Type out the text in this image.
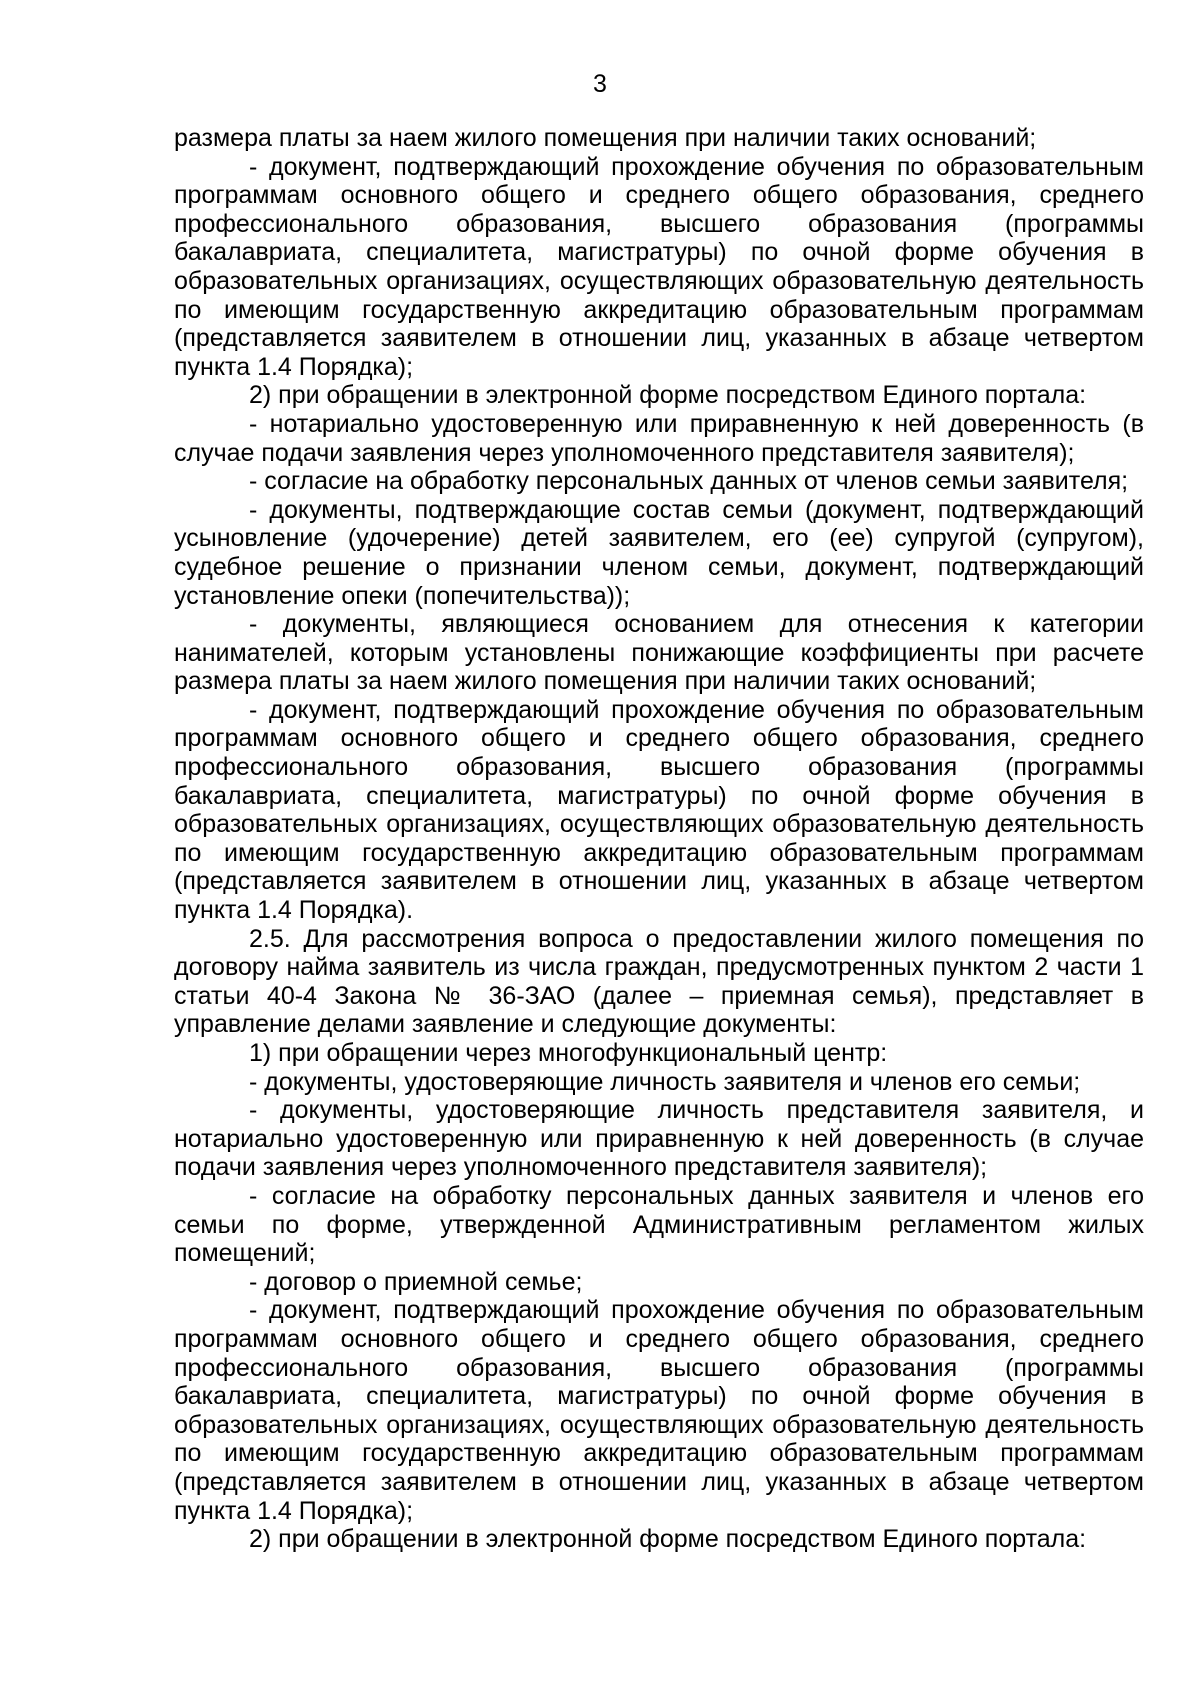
3

размера платы за наем жилого помещения при наличии таких оснований;

- документ, подтверждающий прохождение обучения по образовательным программам основного общего и среднего общего образования, среднего профессионального образования, высшего образования (программы бакалавриата, специалитета, магистратуры) по очной форме обучения в образовательных организациях, осуществляющих образовательную деятельность по имеющим государственную аккредитацию образовательным программам (представляется заявителем в отношении лиц, указанных в абзаце четвертом пункта 1.4 Порядка);

2) при обращении в электронной форме посредством Единого портала:

- нотариально удостоверенную или приравненную к ней доверенность (в случае подачи заявления через уполномоченного представителя заявителя);

- согласие на обработку персональных данных от членов семьи заявителя;

- документы, подтверждающие состав семьи (документ, подтверждающий усыновление (удочерение) детей заявителем, его (ее) супругой (супругом), судебное решение о признании членом семьи, документ, подтверждающий установление опеки (попечительства));

- документы, являющиеся основанием для отнесения к категории нанимателей, которым установлены понижающие коэффициенты при расчете размера платы за наем жилого помещения при наличии таких оснований;

- документ, подтверждающий прохождение обучения по образовательным программам основного общего и среднего общего образования, среднего профессионального образования, высшего образования (программы бакалавриата, специалитета, магистратуры) по очной форме обучения в образовательных организациях, осуществляющих образовательную деятельность по имеющим государственную аккредитацию образовательным программам (представляется заявителем в отношении лиц, указанных в абзаце четвертом пункта 1.4 Порядка).

2.5. Для рассмотрения вопроса о предоставлении жилого помещения по договору найма заявитель из числа граждан, предусмотренных пунктом 2 части 1 статьи 40-4 Закона № 36-ЗАО (далее – приемная семья), представляет в управление делами заявление и следующие документы:

1) при обращении через многофункциональный центр:

- документы, удостоверяющие личность заявителя и членов его семьи;

- документы, удостоверяющие личность представителя заявителя, и нотариально удостоверенную или приравненную к ней доверенность (в случае подачи заявления через уполномоченного представителя заявителя);

- согласие на обработку персональных данных заявителя и членов его семьи по форме, утвержденной Административным регламентом жилых помещений;

- договор о приемной семье;

- документ, подтверждающий прохождение обучения по образовательным программам основного общего и среднего общего образования, среднего профессионального образования, высшего образования (программы бакалавриата, специалитета, магистратуры) по очной форме обучения в образовательных организациях, осуществляющих образовательную деятельность по имеющим государственную аккредитацию образовательным программам (представляется заявителем в отношении лиц, указанных в абзаце четвертом пункта 1.4 Порядка);

2) при обращении в электронной форме посредством Единого портала:
